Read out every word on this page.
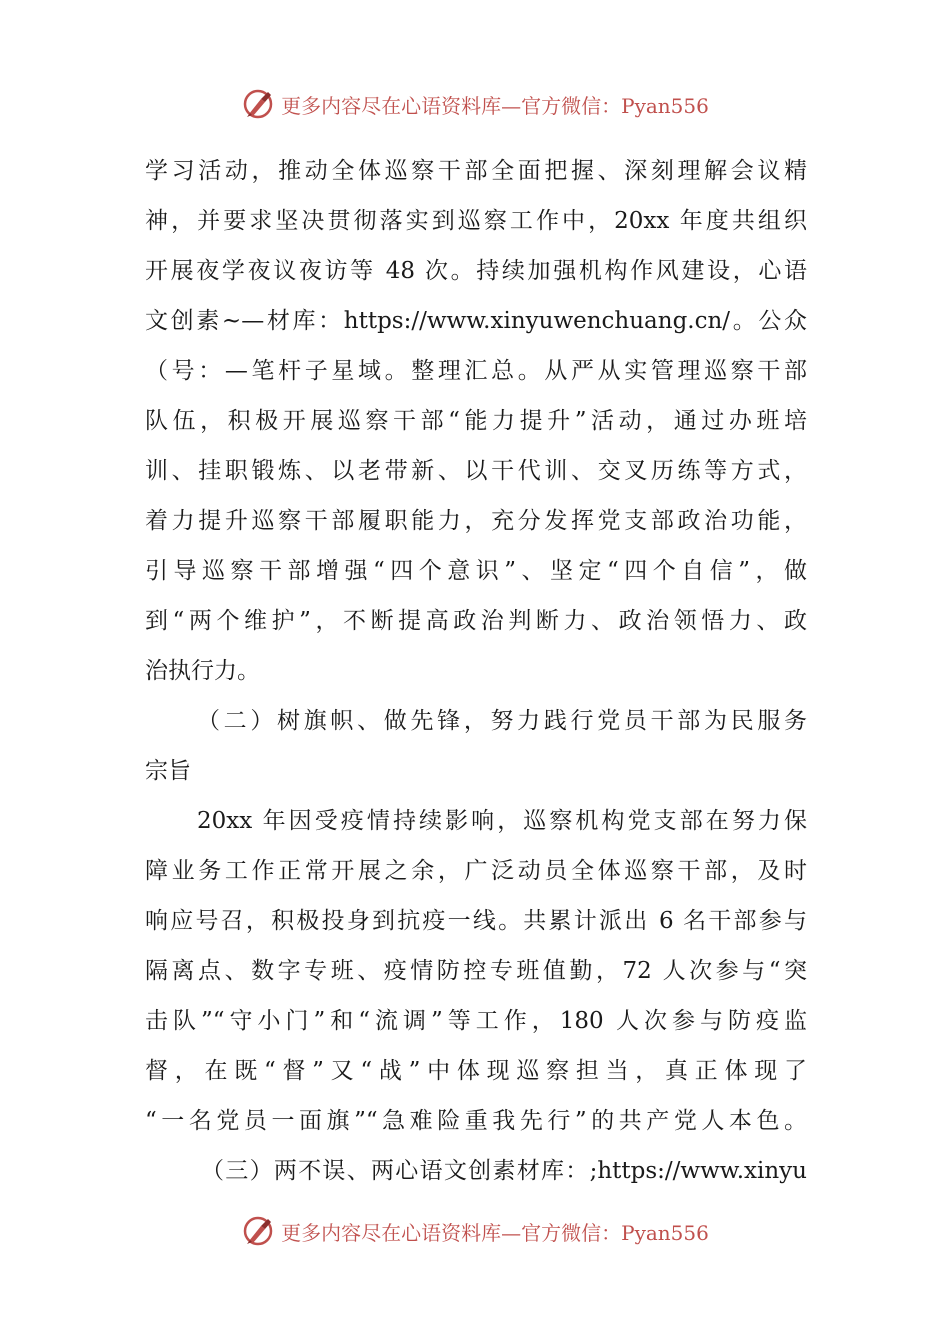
更多内容尽在心语资料库—官方微信：Pyan556
学习活动，推动全体巡察干部全面把握、深刻理解会议精
神，并要求坚决贯彻落实到巡察工作中，20xx 年度共组织
开展夜学夜议夜访等 48 次。持续加强机构作风建设，心语
文创素~—材库：https://www.xinyuwenchuang.cn/。公众
（号：—笔杆子星域。整理汇总。从严从实管理巡察干部
队伍，积极开展巡察干部“能力提升”活动，通过办班培
训、挂职锻炼、以老带新、以干代训、交叉历练等方式，
着力提升巡察干部履职能力，充分发挥党支部政治功能，
引导巡察干部增强“四个意识”、坚定“四个自信”，做
到“两个维护”，不断提高政治判断力、政治领悟力、政
治执行力。
（二）树旗帜、做先锋，努力践行党员干部为民服务
宗旨
20xx 年因受疫情持续影响，巡察机构党支部在努力保
障业务工作正常开展之余，广泛动员全体巡察干部，及时
响应号召，积极投身到抗疫一线。共累计派出 6 名干部参与
隔离点、数字专班、疫情防控专班值勤，72 人次参与“突
击队”“守小门”和“流调”等工作，180 人次参与防疫监
督，在既“督”又“战”中体现巡察担当，真正体现了
“一名党员一面旗”“急难险重我先行”的共产党人本色。
（三）两不误、两心语文创素材库：;https://www.xinyu
更多内容尽在心语资料库—官方微信：Pyan556
